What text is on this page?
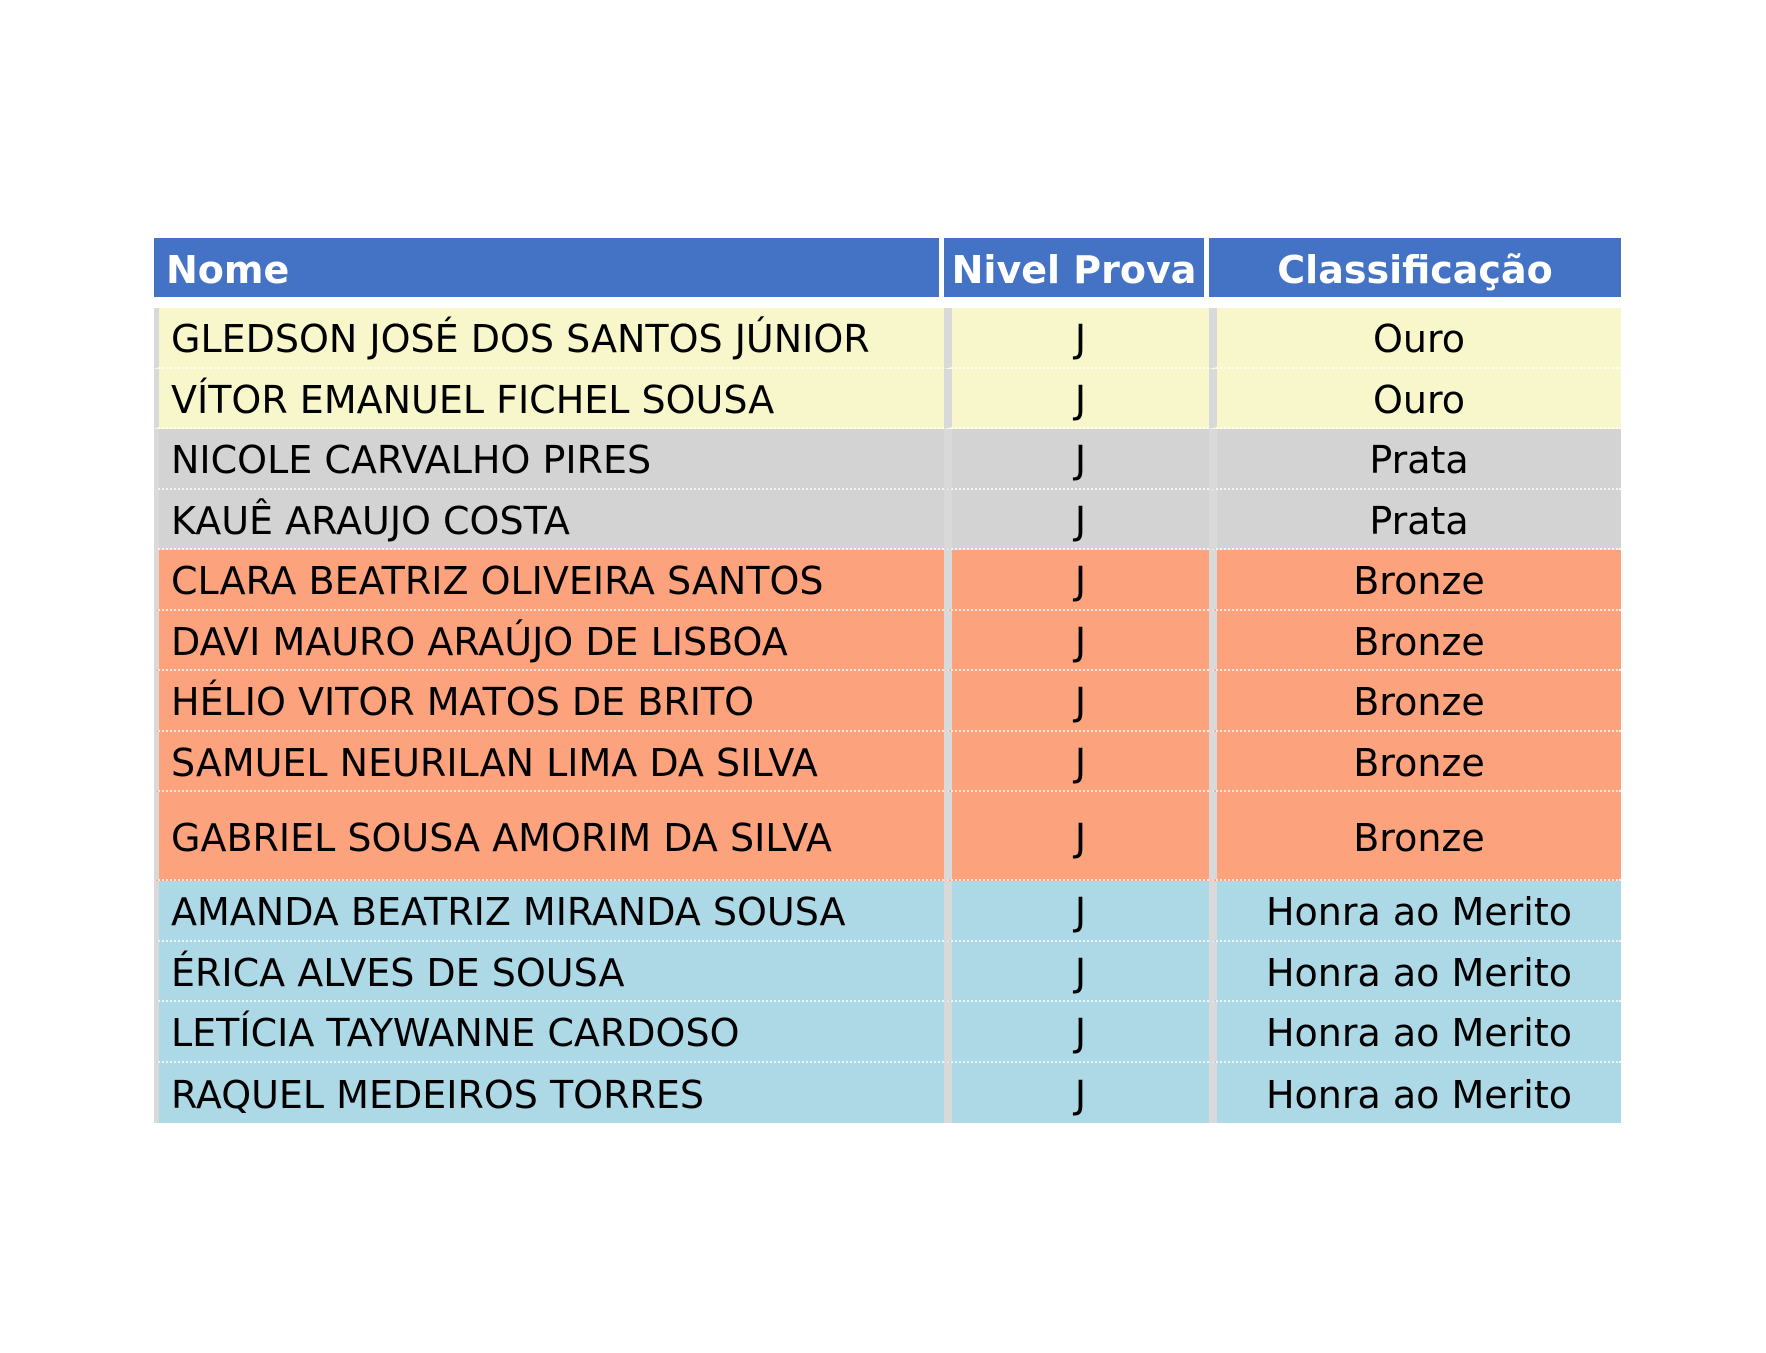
Nome	Nivel Prova	Classificação
GLEDSON JOSÉ DOS SANTOS JÚNIOR	J	Ouro
VÍTOR EMANUEL FICHEL SOUSA	J	Ouro
NICOLE CARVALHO PIRES	J	Prata
KAUÊ ARAUJO COSTA	J	Prata
CLARA BEATRIZ OLIVEIRA SANTOS	J	Bronze
DAVI MAURO ARAÚJO DE LISBOA	J	Bronze
HÉLIO VITOR MATOS DE BRITO	J	Bronze
SAMUEL NEURILAN LIMA DA SILVA	J	Bronze
GABRIEL SOUSA AMORIM DA SILVA	J	Bronze
AMANDA BEATRIZ MIRANDA SOUSA	J	Honra ao Merito
ÉRICA ALVES DE SOUSA	J	Honra ao Merito
LETÍCIA TAYWANNE CARDOSO	J	Honra ao Merito
RAQUEL MEDEIROS TORRES	J	Honra ao Merito
